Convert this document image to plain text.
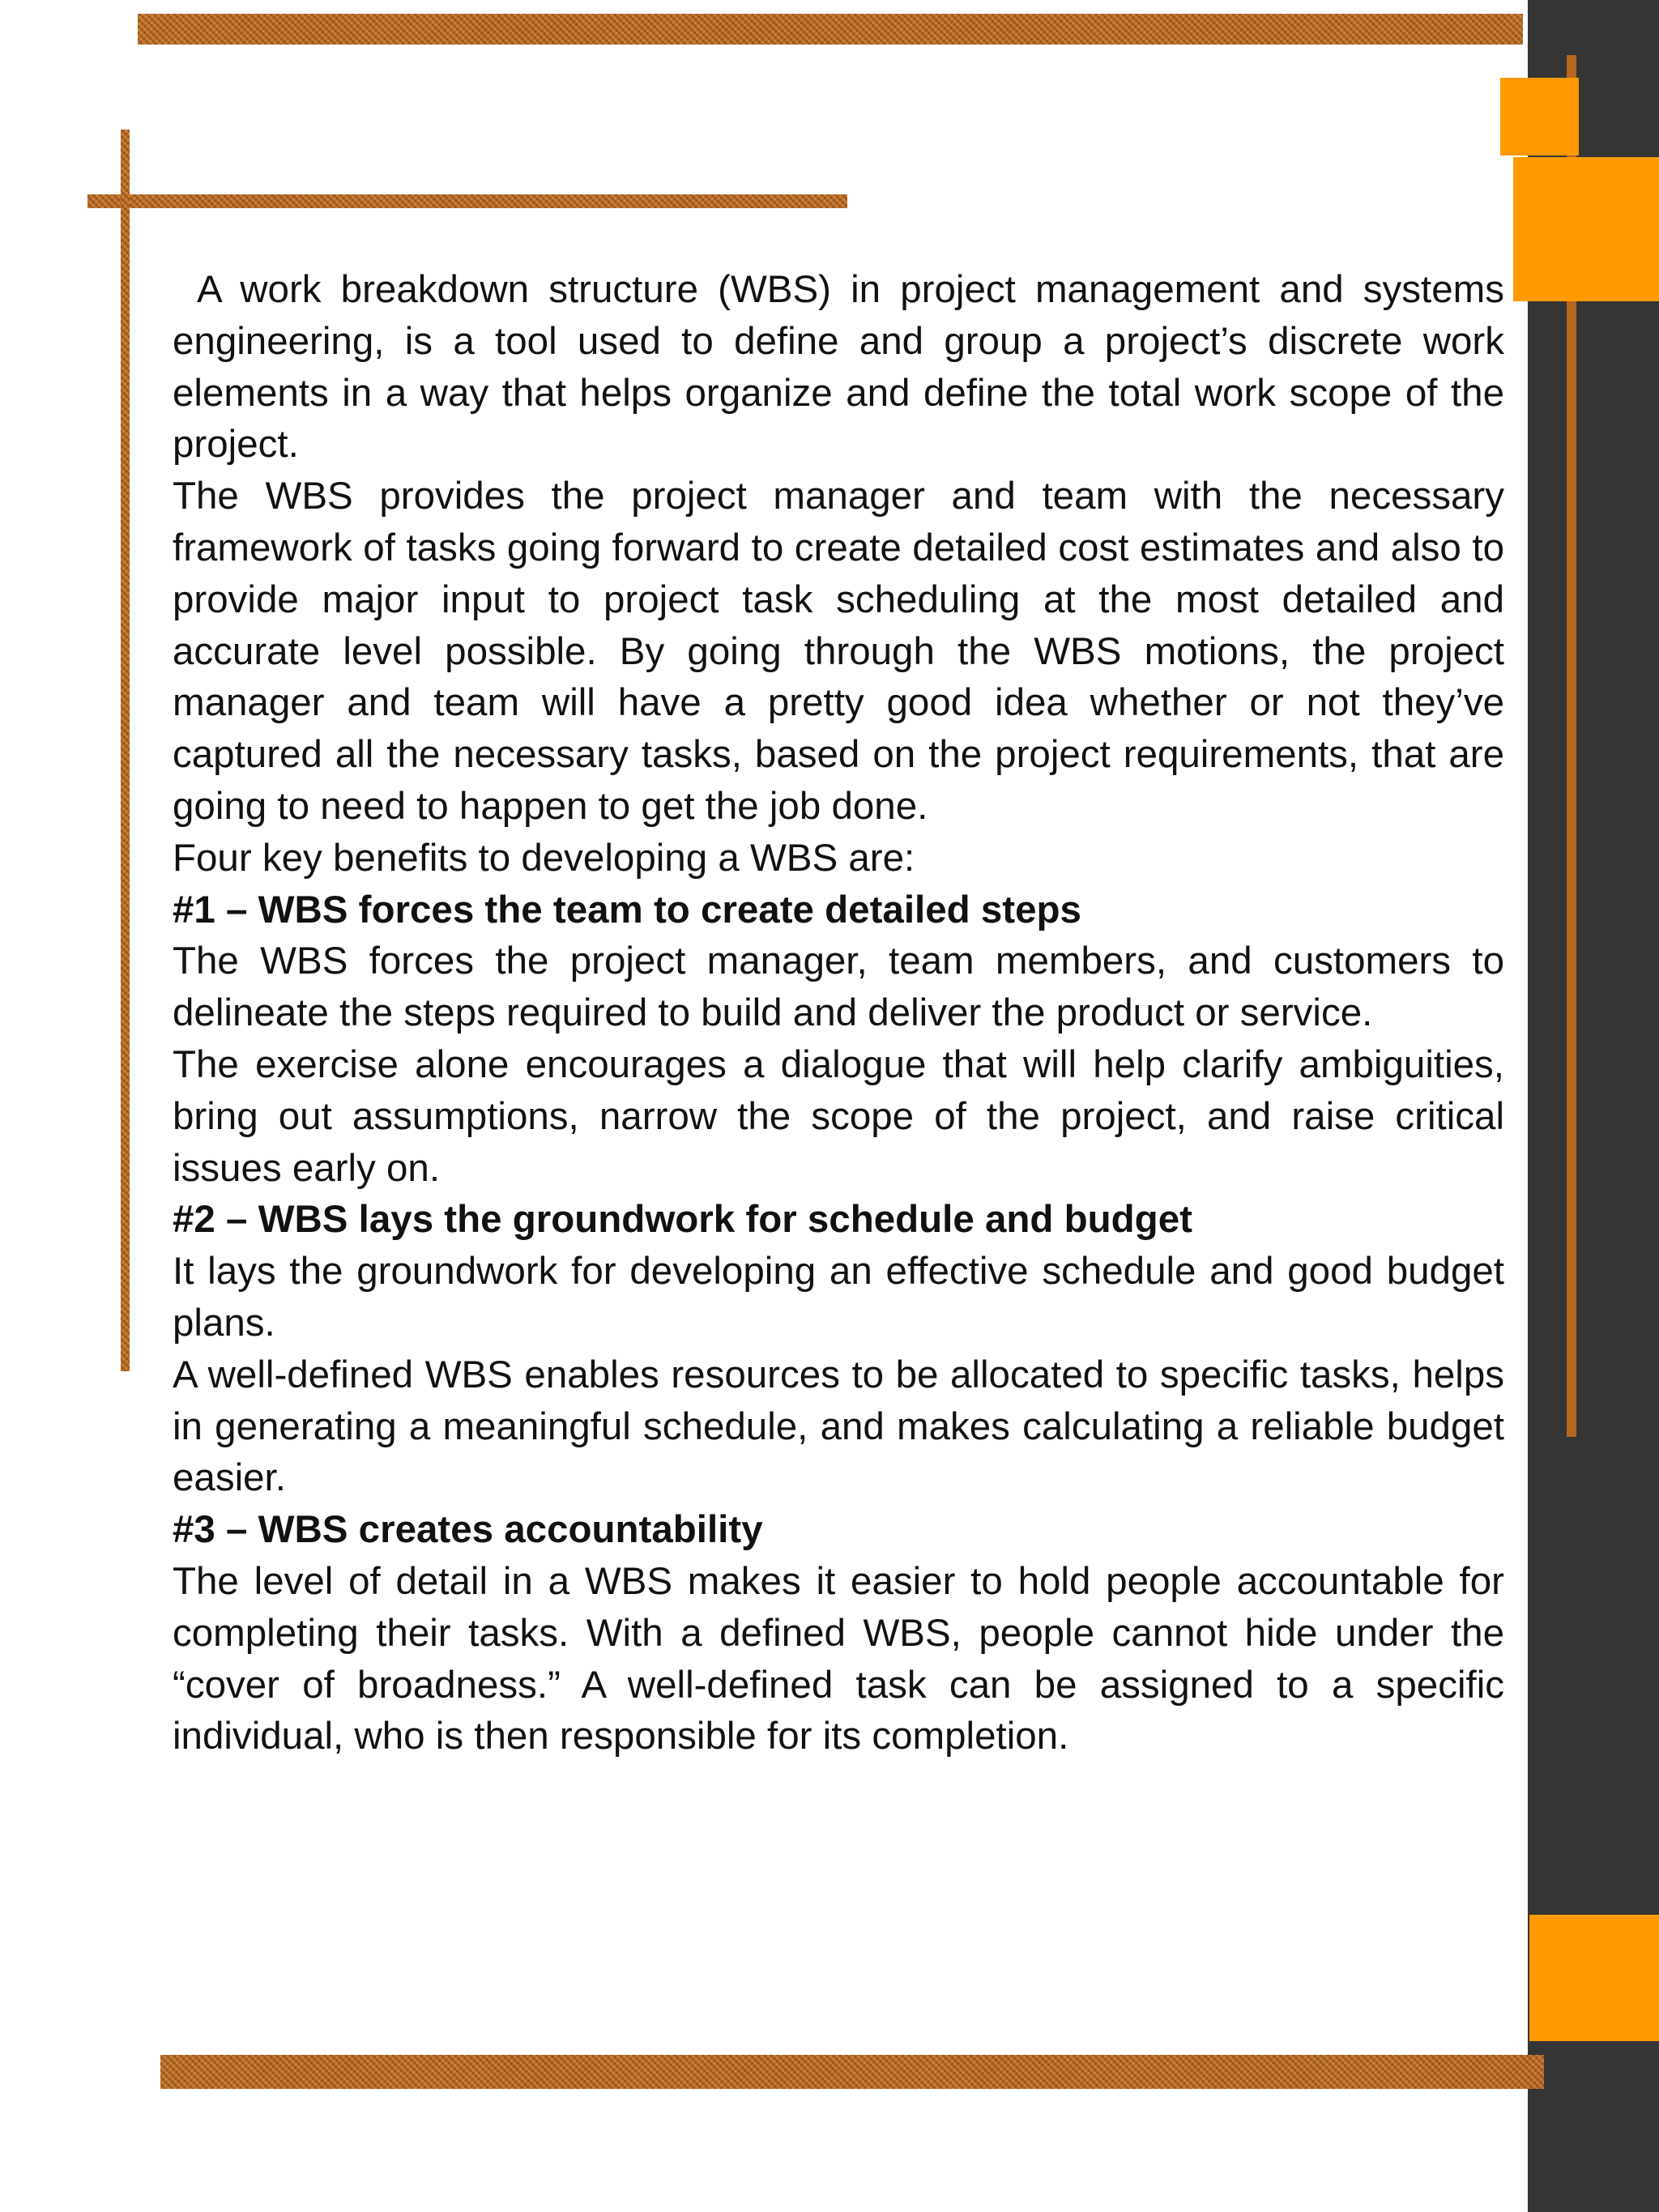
A work breakdown structure (WBS) in project management and systems engineering, is a tool used to define and group a project’s discrete work elements in a way that helps organize and define the total work scope of the project.

The WBS provides the project manager and team with the necessary framework of tasks going forward to create detailed cost estimates and also to provide major input to project task scheduling at the most detailed and accurate level possible. By going through the WBS motions, the project manager and team will have a pretty good idea whether or not they’ve captured all the necessary tasks, based on the project requirements, that are going to need to happen to get the job done.

Four key benefits to developing a WBS are:

#1 – WBS forces the team to create detailed steps

The WBS forces the project manager, team members, and customers to delineate the steps required to build and deliver the product or service.

The exercise alone encourages a dialogue that will help clarify ambiguities, bring out assumptions, narrow the scope of the project, and raise critical issues early on.

#2 – WBS lays the groundwork for schedule and budget

It lays the groundwork for developing an effective schedule and good budget plans.

A well-defined WBS enables resources to be allocated to specific tasks, helps in generating a meaningful schedule, and makes calculating a reliable budget easier.

#3 – WBS creates accountability

The level of detail in a WBS makes it easier to hold people accountable for completing their tasks. With a defined WBS, people cannot hide under the “cover of broadness.” A well-defined task can be assigned to a specific individual, who is then responsible for its completion.
